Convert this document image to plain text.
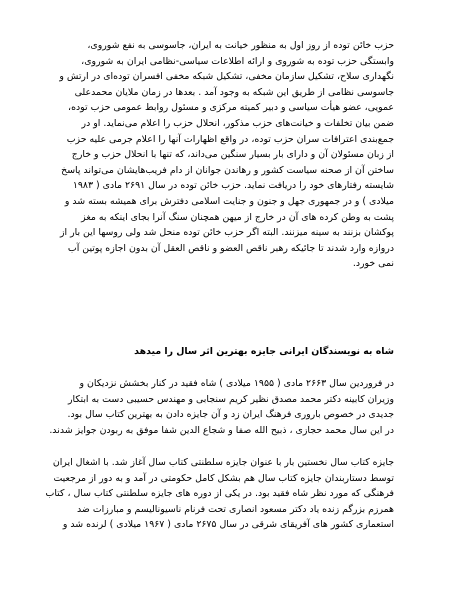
حزب خائن توده از روز اول به منظور خیانت به ایران، جاسوسی به نفع شوروی،
وابستگی حزب توده به شوروی و ارائه اطلاعات سیاسی-نظامی ایران به شوروی،
نگهداری سلاح، تشکیل سازمان مخفی، تشکیل شبکه مخفی افسران توده‌ای در ارتش و
جاسوسی نظامی از طریق این شبکه به وجود آمد . بعدها در زمان ملایان محمدعلی
عمویی، عضو هیأت سیاسی و دبیر کمیته مرکزی و مسئول روابط عمومی حزب توده،
ضمن بیان تخلفات و خیانت‌های حزب مذکور، انحلال حزب را اعلام می‌نماید. او در
جمع‌بندی اعترافات سران حزب توده، در واقع اظهارات آنها را اعلام جرمی علیه حزب
از زبان مسئولان آن و دارای بار بسیار سنگین می‌داند، که تنها با انحلال حزب و خارج
ساختن آن از صحنه سیاست کشور و رهاندن جوانان از دام فریب‌هایشان می‌تواند پاسخ
شایسته رفتارهای خود را دریافت نماید. حزب خائن توده در سال ۲۶۹۱ مادی ( ۱۹۸۳
میلادی ) و در جمهوری جهل و جنون و جنایت اسلامی دفترش برای همیشه بسته شد و
پشت به وطن کرده های آن در خارج از میهن همچنان سنگ آنرا بجای اینکه به مغز
پوکشان بزنند به سینه میزنند. البته اگر حزب خائن توده منحل شد ولی روسها این بار از
دروازه وارد شدند تا جائیکه رهبر ناقص العضو و ناقص العقل آن بدون اجازه پوتین آب
نمی خورد.
شاه به نویسندگان ایرانی جایزه بهترین اثر سال را میدهد
در فروردین سال ۲۶۶۳ مادی ( ۱۹۵۵ میلادی ) شاه فقید در کنار بخشش نزدیکان و
وزیران کابینه دکتر محمد مصدق نظیر کریم سنجابی و مهندس حسیبی دست به ابتکار
جدیدی در خصوص باروری فرهنگ ایران زد و آن جایزه دادن به بهترین کتاب سال بود.
در این سال محمد حجازی ، ذبیح الله صفا و شجاع الدین شفا موفق به ربودن جوایز شدند.
جایزه کتاب سال نخستین بار با عنوان جایزه سلطنتی کتاب سال آغاز شد. با اشغال ایران
توسط دستاربندان جایزه کتاب سال هم بشکل کامل حکومتی در آمد و به دور از مرجعیت
فرهنگی که مورد نظر شاه فقید بود. در یکی از دوره های جایزه سلطنتی کتاب سال ، کتاب
همرزم بزرگم زنده یاد دکتر مسعود انصاری تحت فرنام ناسیونالیسم و مبارزات ضد
استعماری کشور های آفریقای شرقی در سال ۲۶۷۵ مادی ( ۱۹۶۷ میلادی ) لرنده شد و
